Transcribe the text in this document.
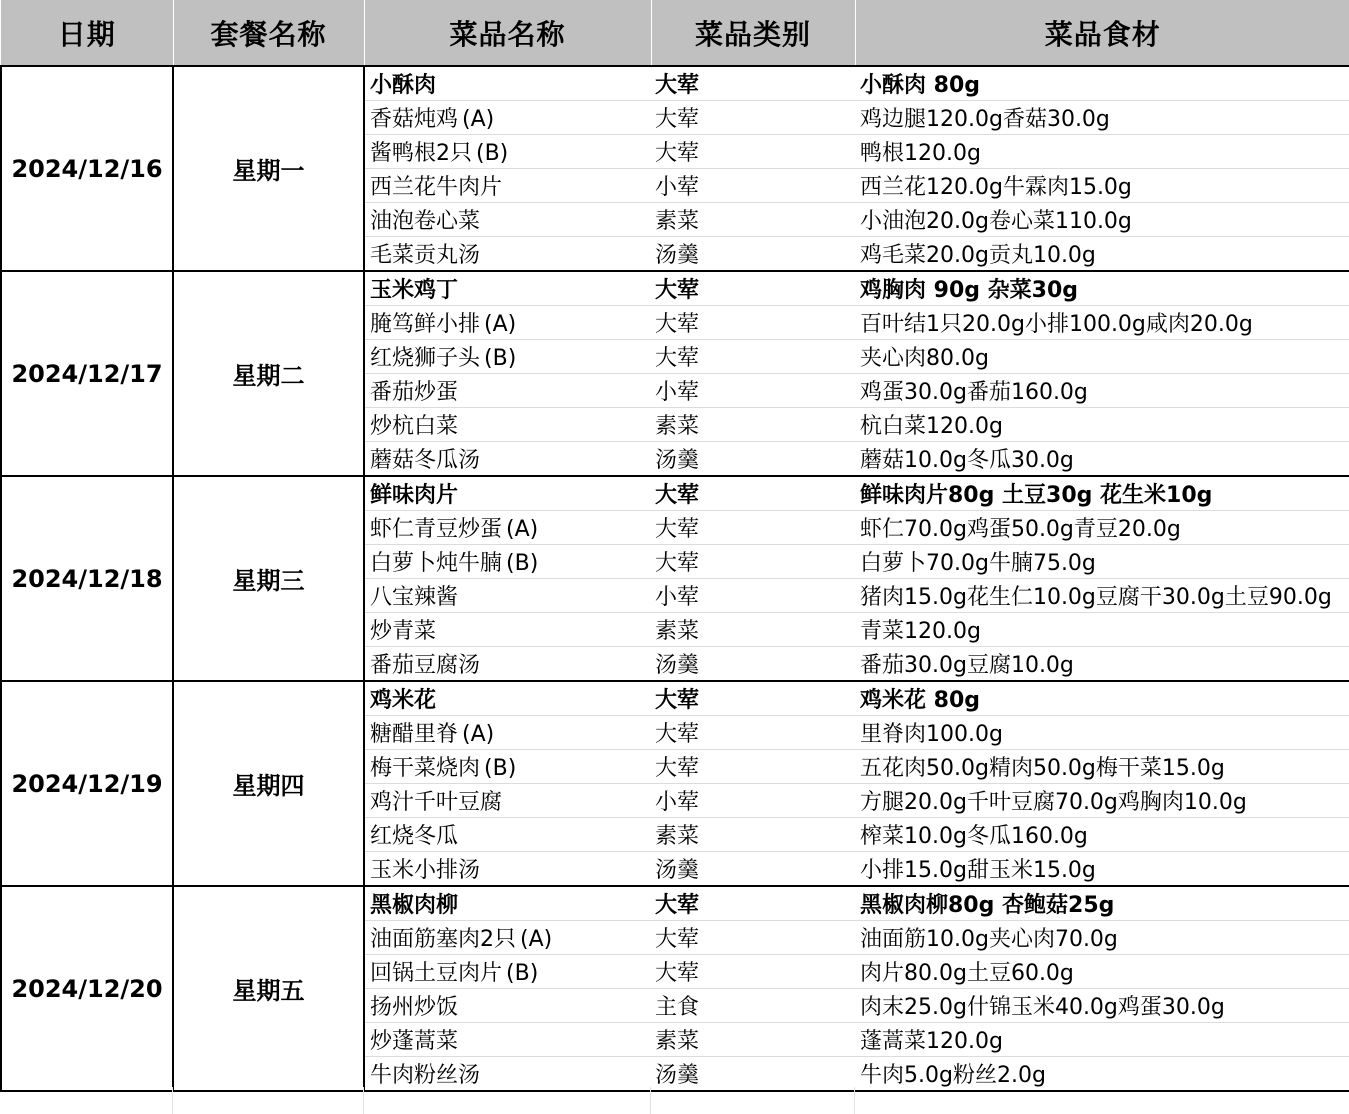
日期	套餐名称	菜品名称	菜品类别	菜品食材
2024/12/16	星期一	小酥肉	大荤	小酥肉 80g
		香菇炖鸡 (A)	大荤	鸡边腿120.0g香菇30.0g
		酱鸭根2只 (B)	大荤	鸭根120.0g
		西兰花牛肉片	小荤	西兰花120.0g牛霖肉15.0g
		油泡卷心菜	素菜	小油泡20.0g卷心菜110.0g
		毛菜贡丸汤	汤羹	鸡毛菜20.0g贡丸10.0g
2024/12/17	星期二	玉米鸡丁	大荤	鸡胸肉 90g 杂菜30g
		腌笃鲜小排 (A)	大荤	百叶结1只20.0g小排100.0g咸肉20.0g
		红烧狮子头 (B)	大荤	夹心肉80.0g
		番茄炒蛋	小荤	鸡蛋30.0g番茄160.0g
		炒杭白菜	素菜	杭白菜120.0g
		蘑菇冬瓜汤	汤羹	蘑菇10.0g冬瓜30.0g
2024/12/18	星期三	鲜味肉片	大荤	鲜味肉片80g 土豆30g 花生米10g
		虾仁青豆炒蛋 (A)	大荤	虾仁70.0g鸡蛋50.0g青豆20.0g
		白萝卜炖牛腩 (B)	大荤	白萝卜70.0g牛腩75.0g
		八宝辣酱	小荤	猪肉15.0g花生仁10.0g豆腐干30.0g土豆90.0g
		炒青菜	素菜	青菜120.0g
		番茄豆腐汤	汤羹	番茄30.0g豆腐10.0g
2024/12/19	星期四	鸡米花	大荤	鸡米花 80g
		糖醋里脊 (A)	大荤	里脊肉100.0g
		梅干菜烧肉 (B)	大荤	五花肉50.0g精肉50.0g梅干菜15.0g
		鸡汁千叶豆腐	小荤	方腿20.0g千叶豆腐70.0g鸡胸肉10.0g
		红烧冬瓜	素菜	榨菜10.0g冬瓜160.0g
		玉米小排汤	汤羹	小排15.0g甜玉米15.0g
2024/12/20	星期五	黑椒肉柳	大荤	黑椒肉柳80g 杏鲍菇25g
		油面筋塞肉2只 (A)	大荤	油面筋10.0g夹心肉70.0g
		回锅土豆肉片 (B)	大荤	肉片80.0g土豆60.0g
		扬州炒饭	主食	肉末25.0g什锦玉米40.0g鸡蛋30.0g
		炒蓬蒿菜	素菜	蓬蒿菜120.0g
		牛肉粉丝汤	汤羹	牛肉5.0g粉丝2.0g
